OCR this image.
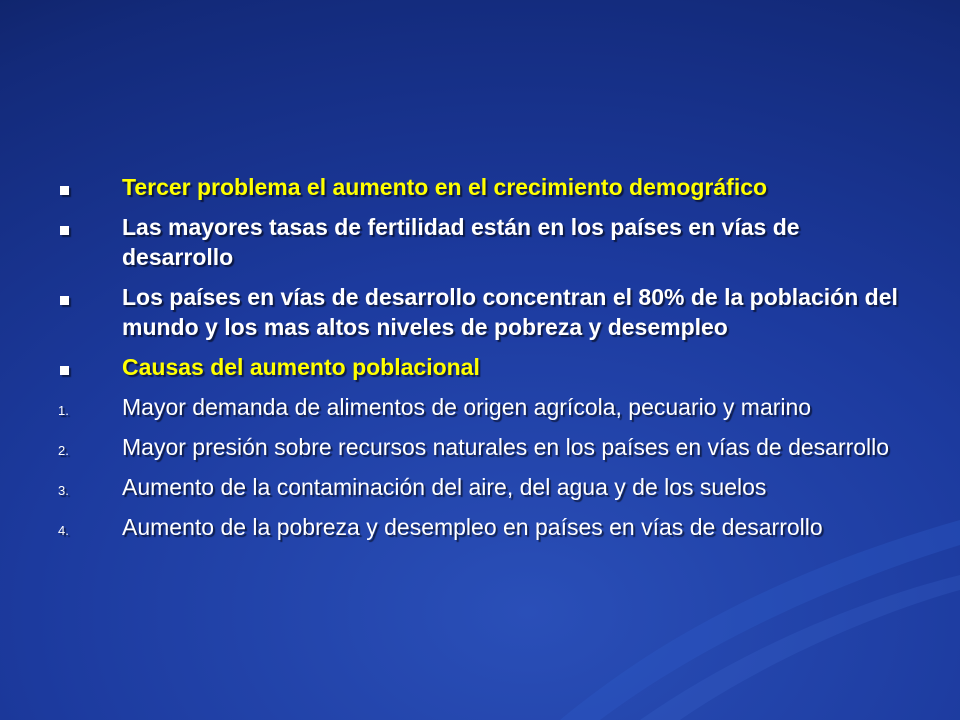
Tercer problema el aumento en el crecimiento demográfico
Las mayores tasas de fertilidad están en los países en vías de desarrollo
Los países en vías de desarrollo concentran el 80% de la población del mundo y los mas altos niveles de pobreza y desempleo
Causas del aumento poblacional
1.	Mayor demanda de alimentos de origen agrícola, pecuario y marino
2.	Mayor presión sobre recursos naturales en los países en vías de desarrollo
3.	Aumento de la contaminación del aire, del agua y de los suelos
4.	Aumento de la pobreza y desempleo en países en vías de desarrollo
